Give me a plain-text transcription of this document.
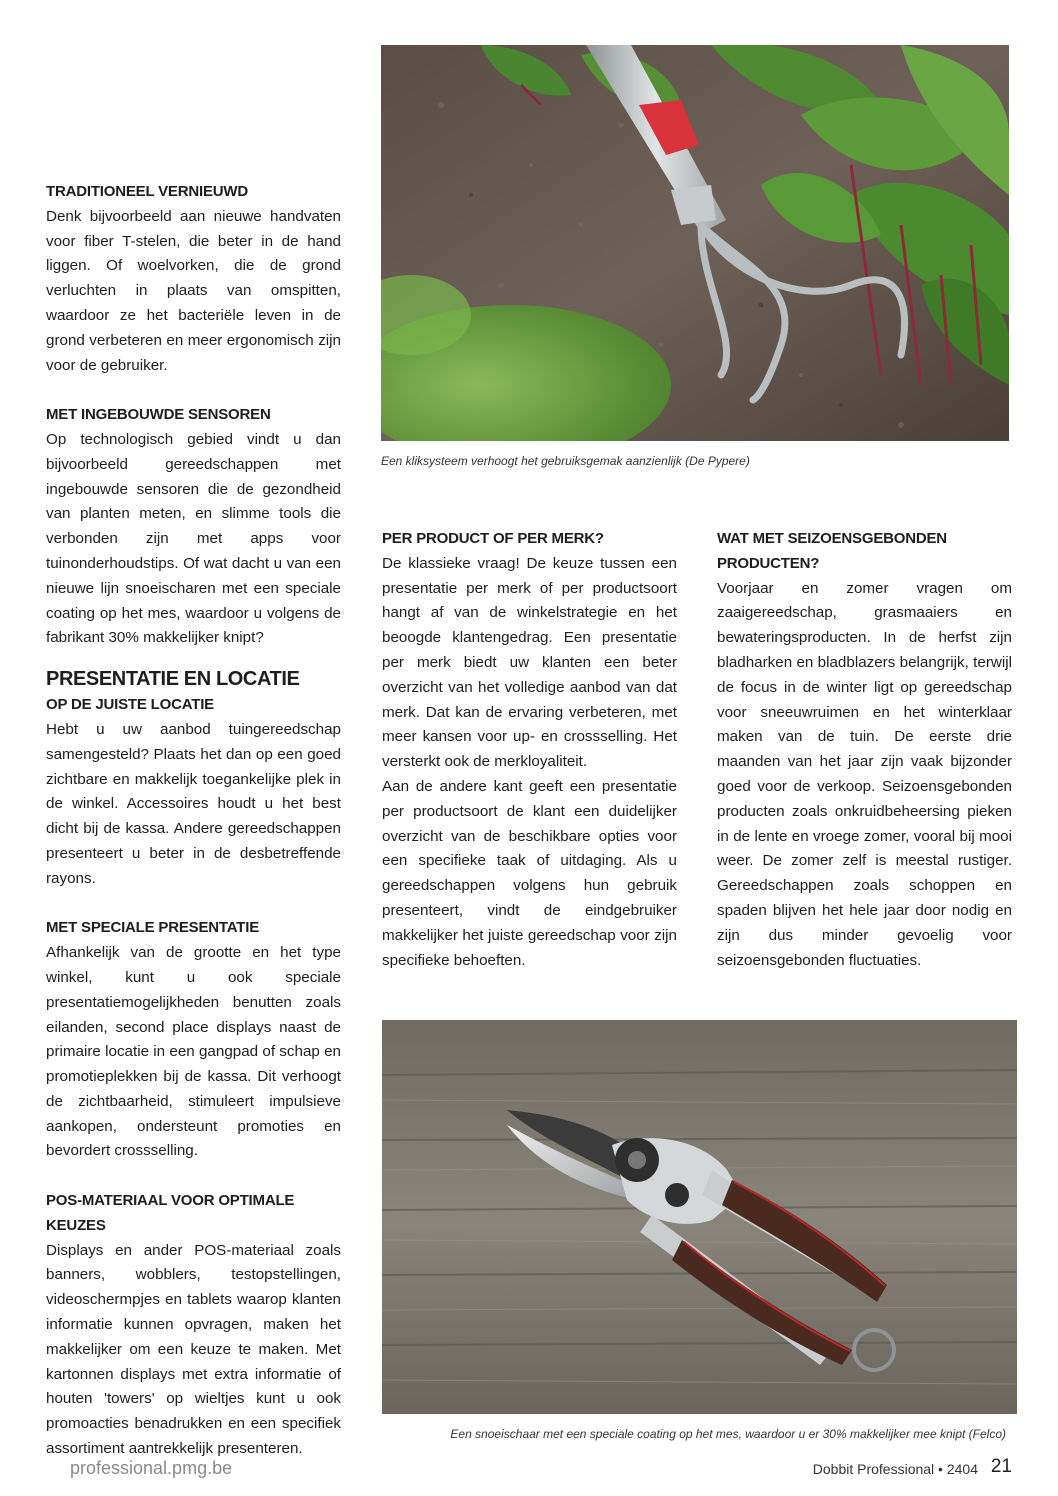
Een kliksysteem verhoogt het gebruiksgemak aanzienlijk (De Pypere)
Een snoeischaar met een speciale coating op het mes, waardoor u er 30% makkelijker mee knipt (Felco)
TRADITIONEEL VERNIEUWD

Denk bijvoorbeeld aan nieuwe handvaten voor fiber T-stelen, die beter in de hand liggen. Of woelvorken, die de grond verluchten in plaats van omspitten, waardoor ze het bacteriële leven in de grond verbeteren en meer ergonomisch zijn voor de gebruiker.

MET INGEBOUWDE SENSOREN

Op technologisch gebied vindt u dan bijvoorbeeld gereedschappen met ingebouwde sensoren die de gezondheid van planten meten, en slimme tools die verbonden zijn met apps voor tuinonderhoudstips. Of wat dacht u van een nieuwe lijn snoeischaren met een speciale coating op het mes, waardoor u volgens de fabrikant 30% makkelijker knipt?

PRESENTATIE EN LOCATIE
OP DE JUISTE LOCATIE

Hebt u uw aanbod tuingereedschap samengesteld? Plaats het dan op een goed zichtbare en makkelijk toegankelijke plek in de winkel. Accessoires houdt u het best dicht bij de kassa. Andere gereedschappen presenteert u beter in de desbetreffende rayons.

MET SPECIALE PRESENTATIE

Afhankelijk van de grootte en het type winkel, kunt u ook speciale presentatiemogelijkheden benutten zoals eilanden, second place displays naast de primaire locatie in een gangpad of schap en promotieplekken bij de kassa. Dit verhoogt de zichtbaarheid, stimuleert impulsieve aankopen, ondersteunt promoties en bevordert crossselling.

POS-MATERIAAL VOOR OPTIMALE KEUZES

Displays en ander POS-materiaal zoals banners, wobblers, testopstellingen, videoschermpjes en tablets waarop klanten informatie kunnen opvragen, maken het makkelijker om een keuze te maken. Met kartonnen displays met extra informatie of houten 'towers' op wieltjes kunt u ook promoacties benadrukken en een specifiek assortiment aantrekkelijk presenteren.

PER PRODUCT OF PER MERK?

De klassieke vraag! De keuze tussen een presentatie per merk of per productsoort hangt af van de winkelstrategie en het beoogde klantengedrag. Een presentatie per merk biedt uw klanten een beter overzicht van het volledige aanbod van dat merk. Dat kan de ervaring verbeteren, met meer kansen voor up- en crossselling. Het versterkt ook de merkloyaliteit.

Aan de andere kant geeft een presentatie per productsoort de klant een duidelijker overzicht van de beschikbare opties voor een specifieke taak of uitdaging. Als u gereedschappen volgens hun gebruik presenteert, vindt de eindgebruiker makkelijker het juiste gereedschap voor zijn specifieke behoeften.

WAT MET SEIZOENSGEBONDEN PRODUCTEN?

Voorjaar en zomer vragen om zaaigereedschap, grasmaaiers en bewateringsproducten. In de herfst zijn bladharken en bladblazers belangrijk, terwijl de focus in de winter ligt op gereedschap voor sneeuwruimen en het winterklaar maken van de tuin. De eerste drie maanden van het jaar zijn vaak bijzonder goed voor de verkoop. Seizoensgebonden producten zoals onkruidbeheersing pieken in de lente en vroege zomer, vooral bij mooi weer. De zomer zelf is meestal rustiger. Gereedschappen zoals schoppen en spaden blijven het hele jaar door nodig en zijn dus minder gevoelig voor seizoensgebonden fluctuaties.

professional.pmg.be	Dobbit Professional • 2404 21
